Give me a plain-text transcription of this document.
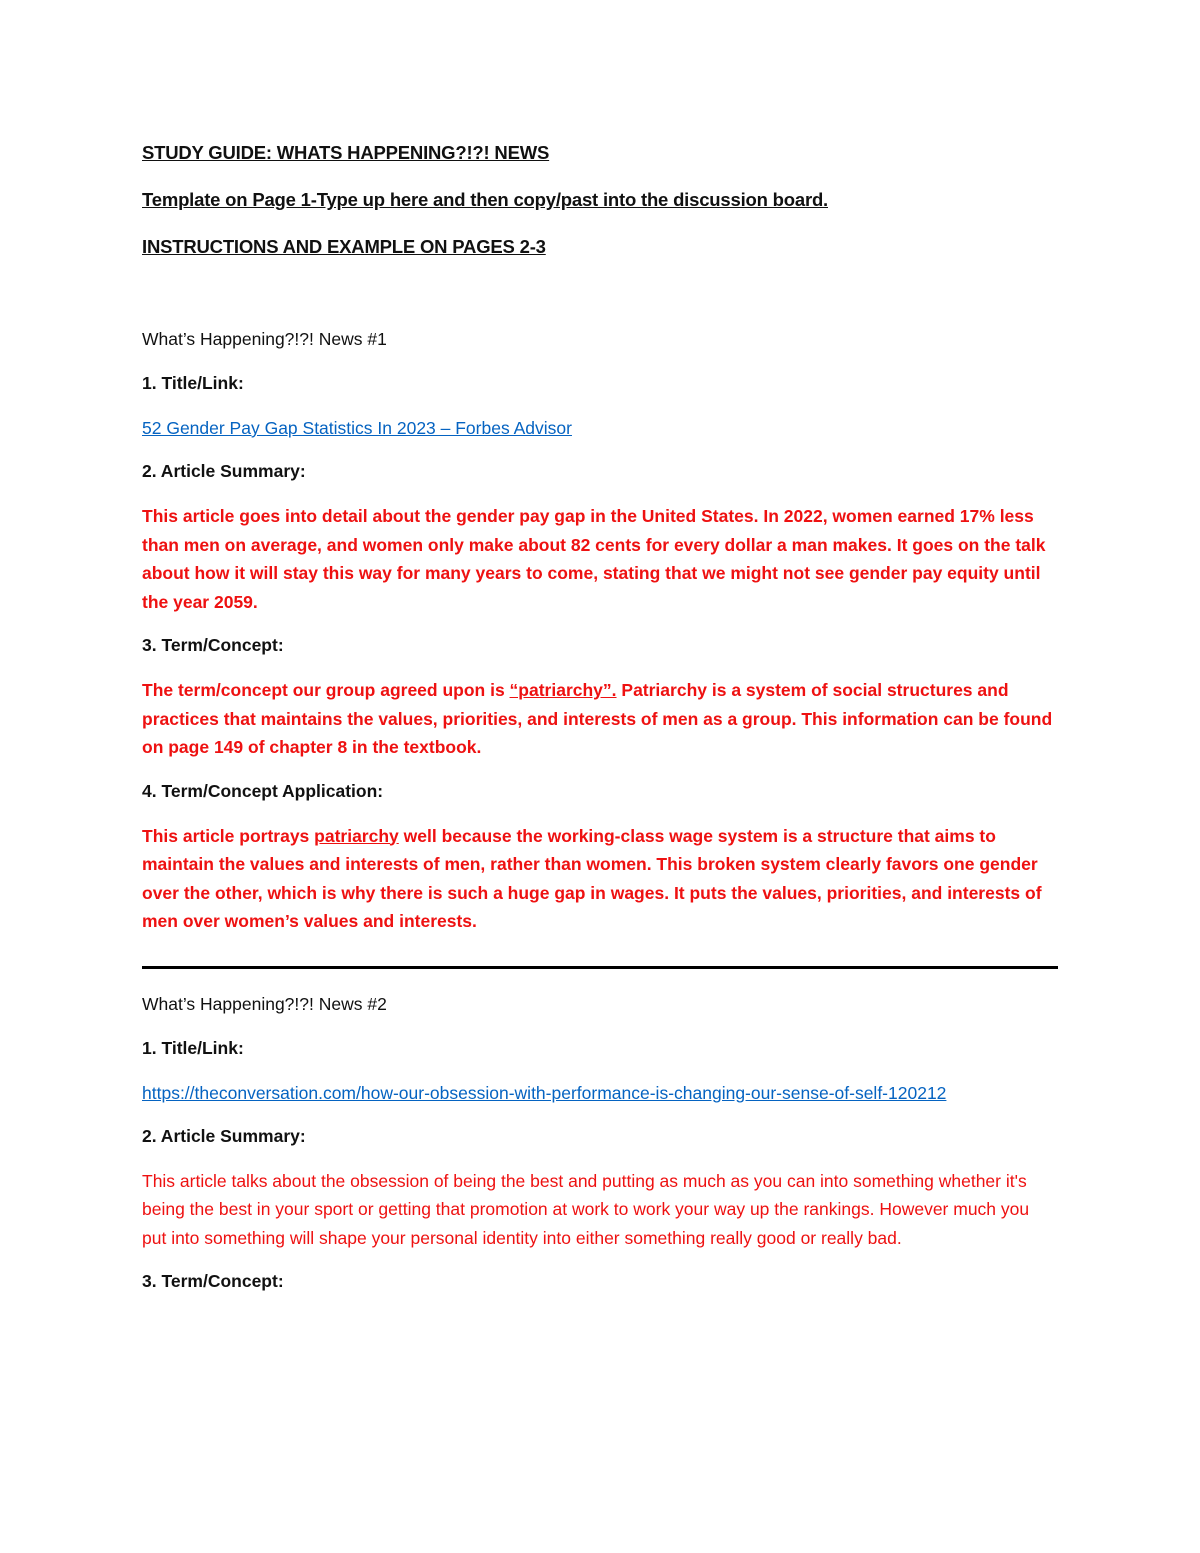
STUDY GUIDE: WHATS HAPPENING?!?! NEWS
Template on Page 1-Type up here and then copy/past into the discussion board.
INSTRUCTIONS AND EXAMPLE ON PAGES 2-3
What’s Happening?!?! News #1
1. Title/Link:
52 Gender Pay Gap Statistics In 2023 – Forbes Advisor
2. Article Summary:
This article goes into detail about the gender pay gap in the United States. In 2022, women earned 17% less than men on average, and women only make about 82 cents for every dollar a man makes. It goes on the talk about how it will stay this way for many years to come, stating that we might not see gender pay equity until the year 2059.
3. Term/Concept:
The term/concept our group agreed upon is “patriarchy”. Patriarchy is a system of social structures and practices that maintains the values, priorities, and interests of men as a group. This information can be found on page 149 of chapter 8 in the textbook.
4. Term/Concept Application:
This article portrays patriarchy well because the working-class wage system is a structure that aims to maintain the values and interests of men, rather than women. This broken system clearly favors one gender over the other, which is why there is such a huge gap in wages. It puts the values, priorities, and interests of men over women’s values and interests.
What’s Happening?!?! News #2
1. Title/Link:
https://theconversation.com/how-our-obsession-with-performance-is-changing-our-sense-of-self-120212
2. Article Summary:
This article talks about the obsession of being the best and putting as much as you can into something whether it's being the best in your sport or getting that promotion at work to work your way up the rankings. However much you put into something will shape your personal identity into either something really good or really bad.
3. Term/Concept:
